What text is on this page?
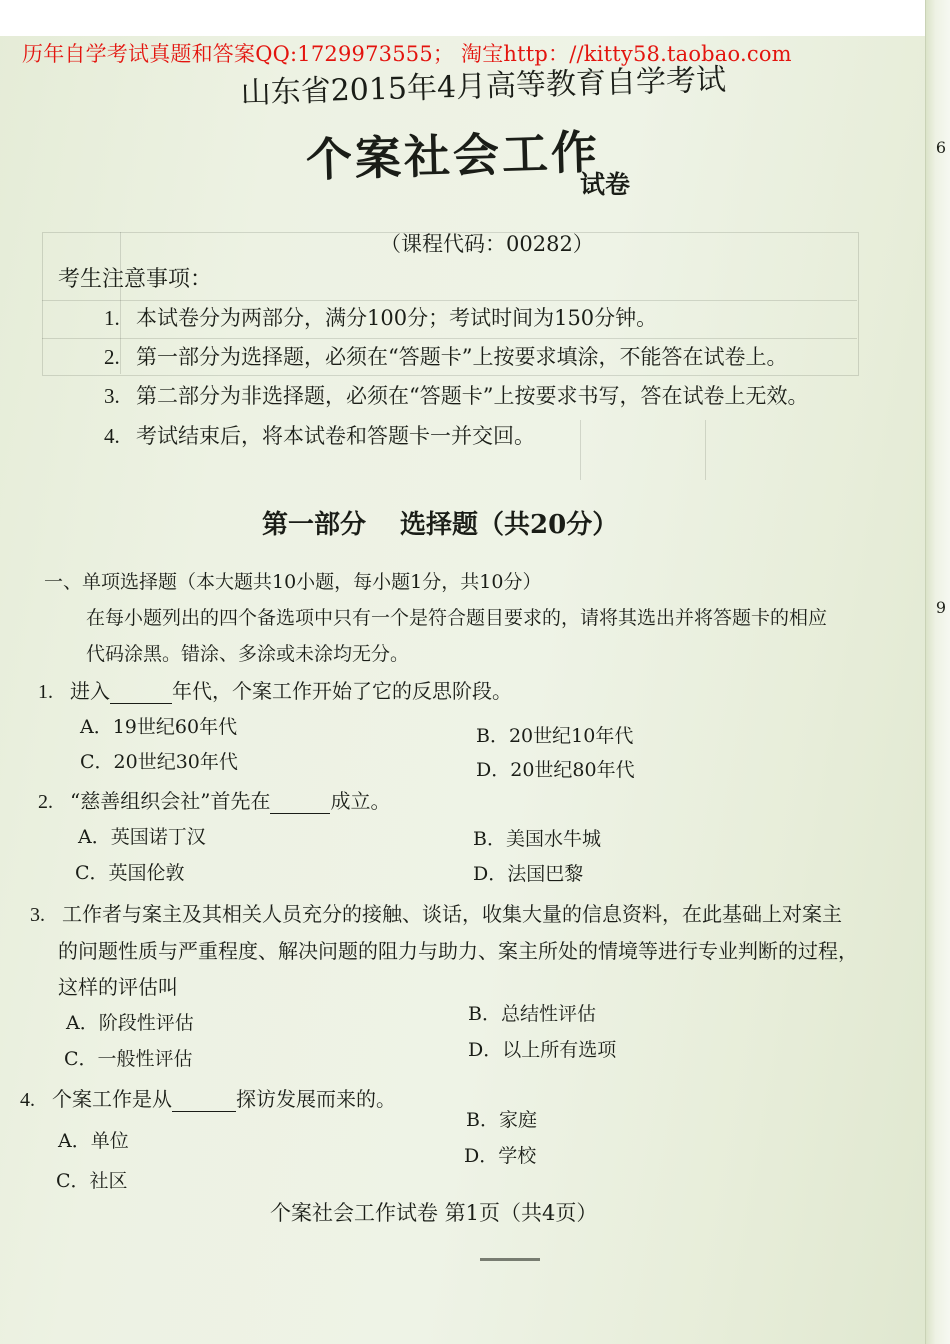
6
9
历年自学考试真题和答案QQ:1729973555； 淘宝http：//kitty58.taobao.com
山东省2015年4月高等教育自学考试
个案社会工作
试卷
（课程代码：00282）
考生注意事项：
1. 本试卷分为两部分，满分100分；考试时间为150分钟。
2. 第一部分为选择题，必须在“答题卡”上按要求填涂，不能答在试卷上。
3. 第二部分为非选择题，必须在“答题卡”上按要求书写，答在试卷上无效。
4. 考试结束后，将本试卷和答题卡一并交回。
第一部分 选择题（共20分）
一、单项选择题（本大题共10小题，每小题1分，共10分）
在每小题列出的四个备选项中只有一个是符合题目要求的，请将其选出并将答题卡的相应
代码涂黑。错涂、多涂或未涂均无分。
1. 进入	年代，个案工作开始了它的反思阶段。
A．19世纪60年代	B．20世纪10年代
C．20世纪30年代	D．20世纪80年代
2. “慈善组织会社”首先在	成立。
A．英国诺丁汉	B．美国水牛城
C．英国伦敦	D．法国巴黎
3. 工作者与案主及其相关人员充分的接触、谈话，收集大量的信息资料，在此基础上对案主
的问题性质与严重程度、解决问题的阻力与助力、案主所处的情境等进行专业判断的过程，
这样的评估叫
A．阶段性评估	B．总结性评估
C．一般性评估	D．以上所有选项
4. 个案工作是从	探访发展而来的。
A．单位
B．家庭
C．社区
D．学校
个案社会工作试卷 第1页（共4页）
